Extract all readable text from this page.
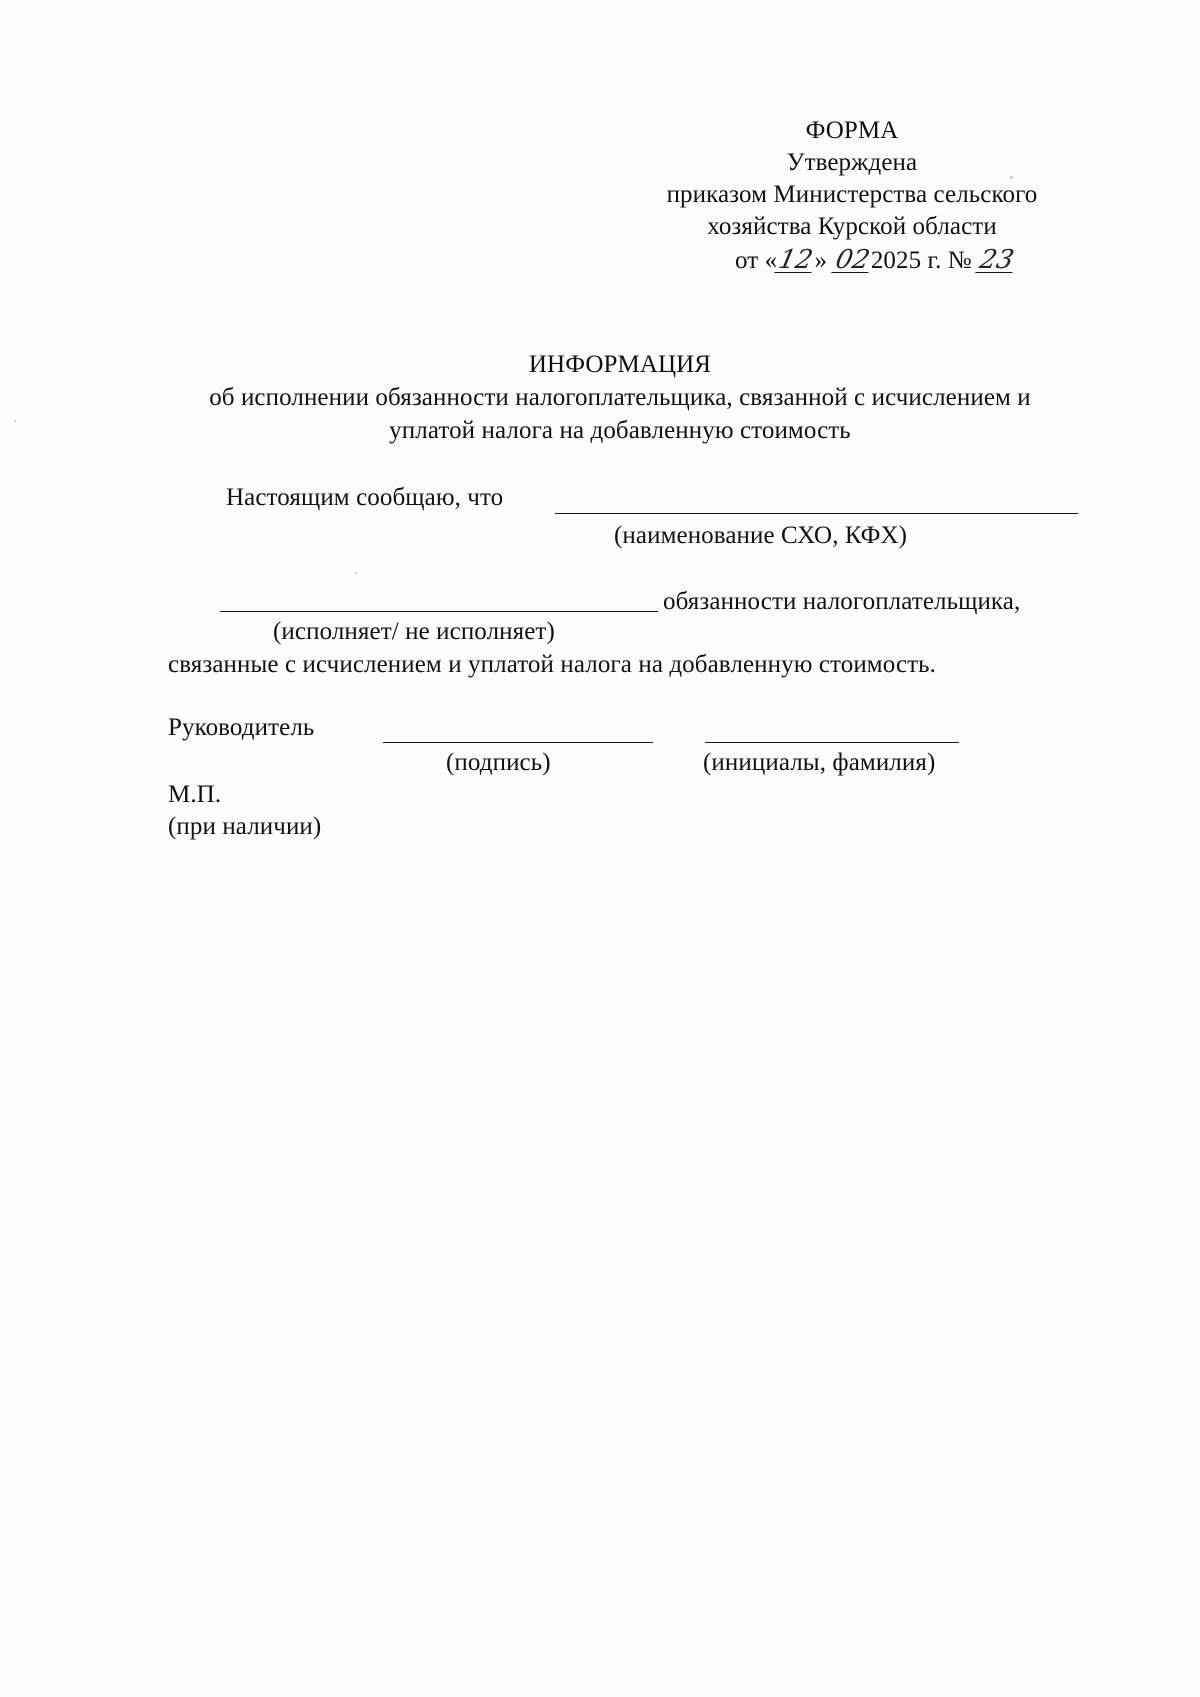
ФОРМА
Утверждена
приказом Министерства сельского
хозяйства Курской области
от «12» 022025 г. № 23
ИНФОРМАЦИЯ
об исполнении обязанности налогоплательщика, связанной с исчислением и
уплатой налога на добавленную стоимость
Настоящим сообщаю, что
(наименование СХО, КФХ)
обязанности налогоплательщика,
(исполняет/ не исполняет)
связанные с исчислением и уплатой налога на добавленную стоимость.
Руководитель
(подпись)	(инициалы, фамилия)
М.П.
(при наличии)
